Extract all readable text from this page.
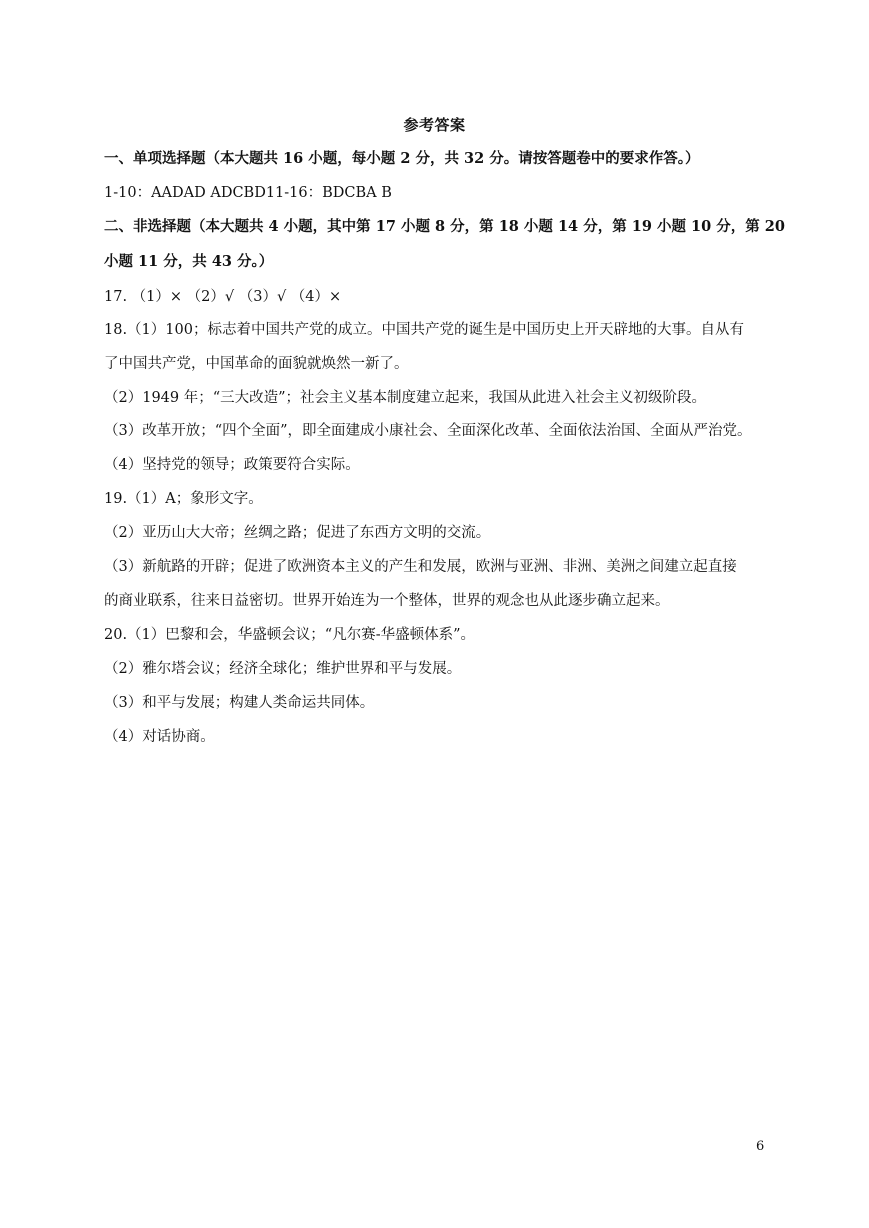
参考答案
一、单项选择题（本大题共 16 小题，每小题 2 分，共 32 分。请按答题卷中的要求作答。）
1-10：AADAD ADCBD11-16：BDCBA B
二、非选择题（本大题共 4 小题，其中第 17 小题 8 分，第 18 小题 14 分，第 19 小题 10 分，第 20
小题 11 分，共 43 分。）
17. （1）× （2）√ （3）√ （4）×
18.（1）100；标志着中国共产党的成立。中国共产党的诞生是中国历史上开天辟地的大事。自从有
了中国共产党，中国革命的面貌就焕然一新了。
（2）1949 年；“三大改造”；社会主义基本制度建立起来，我国从此进入社会主义初级阶段。
（3）改革开放；“四个全面”，即全面建成小康社会、全面深化改革、全面依法治国、全面从严治党。
（4）坚持党的领导；政策要符合实际。
19.（1）A；象形文字。
（2）亚历山大大帝；丝绸之路；促进了东西方文明的交流。
（3）新航路的开辟；促进了欧洲资本主义的产生和发展，欧洲与亚洲、非洲、美洲之间建立起直接
的商业联系，往来日益密切。世界开始连为一个整体，世界的观念也从此逐步确立起来。
20.（1）巴黎和会，华盛顿会议；“凡尔赛-华盛顿体系”。
（2）雅尔塔会议；经济全球化；维护世界和平与发展。
（3）和平与发展；构建人类命运共同体。
（4）对话协商。
6
